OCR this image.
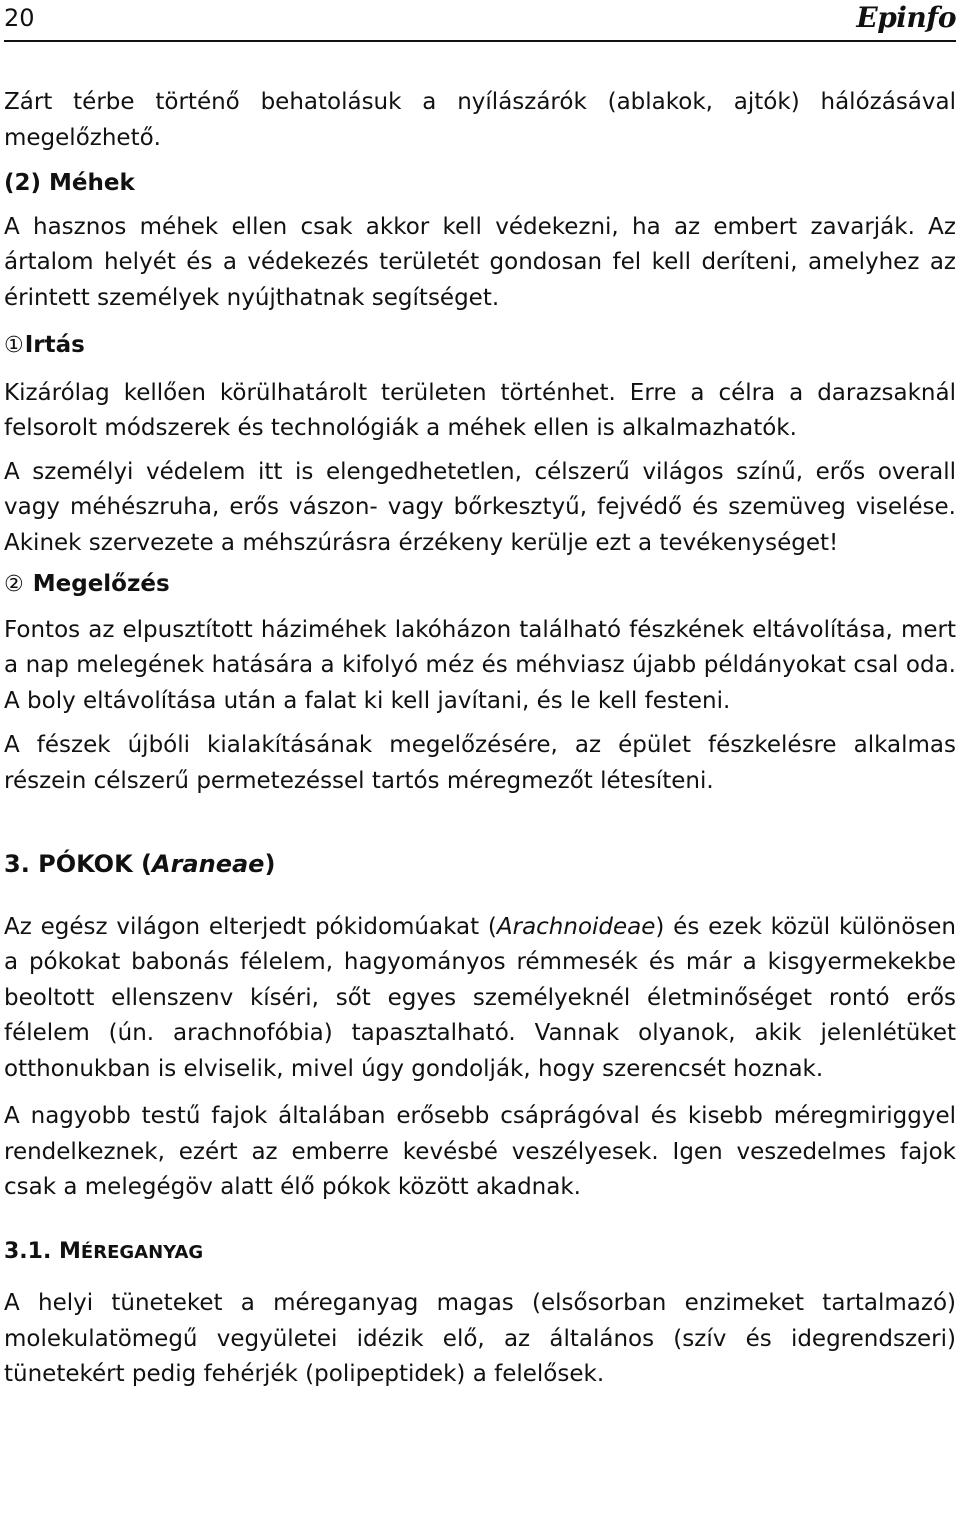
20	Epinfo

Zárt térbe történő behatolásuk a nyílászárók (ablakok, ajtók) hálózásával megelőzhető.

(2) Méhek

A hasznos méhek ellen csak akkor kell védekezni, ha az embert zavarják. Az ártalom helyét és a védekezés területét gondosan fel kell deríteni, amelyhez az érintett személyek nyújthatnak segítséget.

①Irtás

Kizárólag kellően körülhatárolt területen történhet. Erre a célra a darazsaknál felsorolt módszerek és technológiák a méhek ellen is alkalmazhatók.

A személyi védelem itt is elengedhetetlen, célszerű világos színű, erős overall vagy méhészruha, erős vászon- vagy bőrkesztyű, fejvédő és szemüveg viselése. Akinek szervezete a méhszúrásra érzékeny kerülje ezt a tevékenységet!

② Megelőzés

Fontos az elpusztított háziméhek lakóházon található fészkének eltávolítása, mert a nap melegének hatására a kifolyó méz és méhviasz újabb példányokat csal oda. A boly eltávolítása után a falat ki kell javítani, és le kell festeni.

A fészek újbóli kialakításának megelőzésére, az épület fészkelésre alkalmas részein célszerű permetezéssel tartós méregmezőt létesíteni.

3. PÓKOK (Araneae)

Az egész világon elterjedt pókidomúakat (Arachnoideae) és ezek közül különösen a pókokat babonás félelem, hagyományos rémmesék és már a kisgyermekekbe beoltott ellenszenv kíséri, sőt egyes személyeknél életminőséget rontó erős félelem (ún. arachnofóbia) tapasztalható. Vannak olyanok, akik jelenlétüket otthonukban is elviselik, mivel úgy gondolják, hogy szerencsét hoznak.

A nagyobb testű fajok általában erősebb csáprágóval és kisebb méregmiriggyel rendelkeznek, ezért az emberre kevésbé veszélyesek. Igen veszedelmes fajok csak a melegégöv alatt élő pókok között akadnak.

3.1. MÉREGANYAG

A helyi tüneteket a méreganyag magas (elsősorban enzimeket tartalmazó) molekulatömegű vegyületei idézik elő, az általános (szív és idegrendszeri) tünetekért pedig fehérjék (polipeptidek) a felelősek.
